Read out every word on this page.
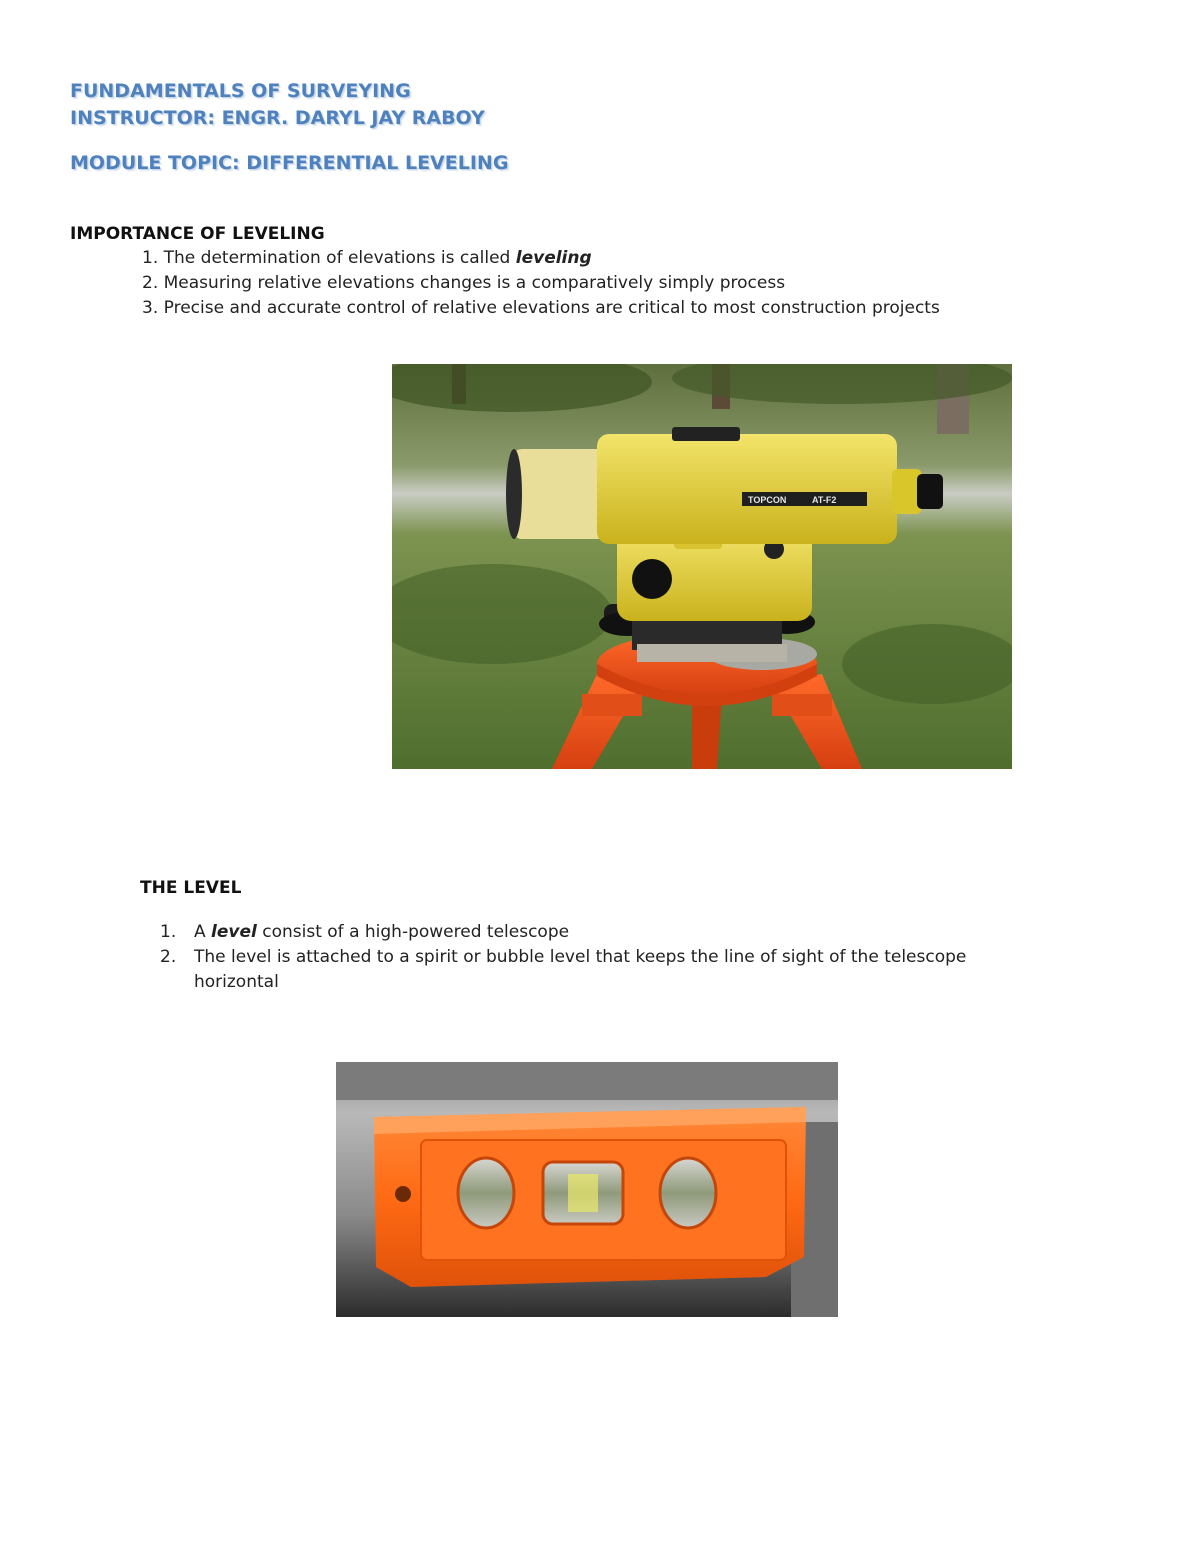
FUNDAMENTALS OF SURVEYING
INSTRUCTOR: ENGR. DARYL JAY RABOY
MODULE TOPIC: DIFFERENTIAL LEVELING
IMPORTANCE OF LEVELING
1. The determination of elevations is called leveling
2. Measuring relative elevations changes is a comparatively simply process
3. Precise and accurate control of relative elevations are critical to most construction projects
TOPCON	AT-F2
THE LEVEL
1. A level consist of a high-powered telescope
2. The level is attached to a spirit or bubble level that keeps the line of sight of the telescope
horizontal
